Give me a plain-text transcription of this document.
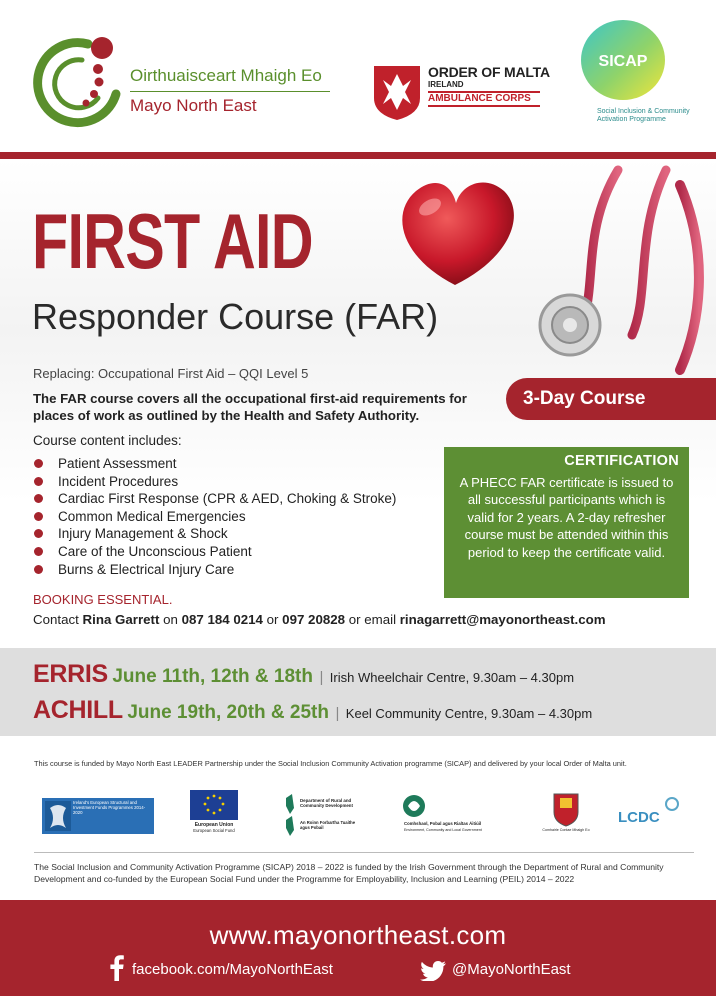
Oirthuaisceart Mhaigh Eo
Mayo North East
ORDER OF MALTA
IRELAND
AMBULANCE CORPS
SICAP
Social Inclusion & Community Activation Programme
FIRST AID
Responder Course (FAR)
Replacing: Occupational First Aid – QQI Level 5
The FAR course covers all the occupational first-aid requirements for places of work as outlined by the Health and Safety Authority.
3-Day Course
Course content includes:
Patient Assessment
Incident Procedures
Cardiac First Response (CPR & AED, Choking & Stroke)
Common Medical Emergencies
Injury Management & Shock
Care of the Unconscious Patient
Burns & Electrical Injury Care
CERTIFICATION
A PHECC FAR certificate is issued to all successful participants which is valid for 2 years. A 2-day refresher course must be attended within this period to keep the certificate valid.
BOOKING ESSENTIAL.
Contact Rina Garrett on 087 184 0214 or 097 20828 or email rinagarrett@mayonortheast.com
ERRIS June 11th, 12th & 18th | Irish Wheelchair Centre, 9.30am – 4.30pm
ACHILL June 19th, 20th & 25th | Keel Community Centre, 9.30am – 4.30pm
This course is funded by Mayo North East LEADER Partnership under the Social Inclusion Community Activation programme (SICAP) and delivered by your local Order of Malta unit.
Ireland's European Structural and Investment Funds Programmes 2014-2020
European Union
European Social Fund
Department of Rural and Community Development
An Roinn Forbartha Tuaithe agus Pobail
Comhshaol, Pobal agus Rialtas Áitiúil
Environment, Community and Local Government	Comhairle Contae Mhaigh Eo
LCDC
The Social Inclusion and Community Activation Programme (SICAP) 2018 – 2022 is funded by the Irish Government through the Department of Rural and Community Development and co-funded by the European Social Fund under the Programme for Employability, Inclusion and Learning (PEIL) 2014 – 2022
www.mayonortheast.com
facebook.com/MayoNorthEast	@MayoNorthEast
